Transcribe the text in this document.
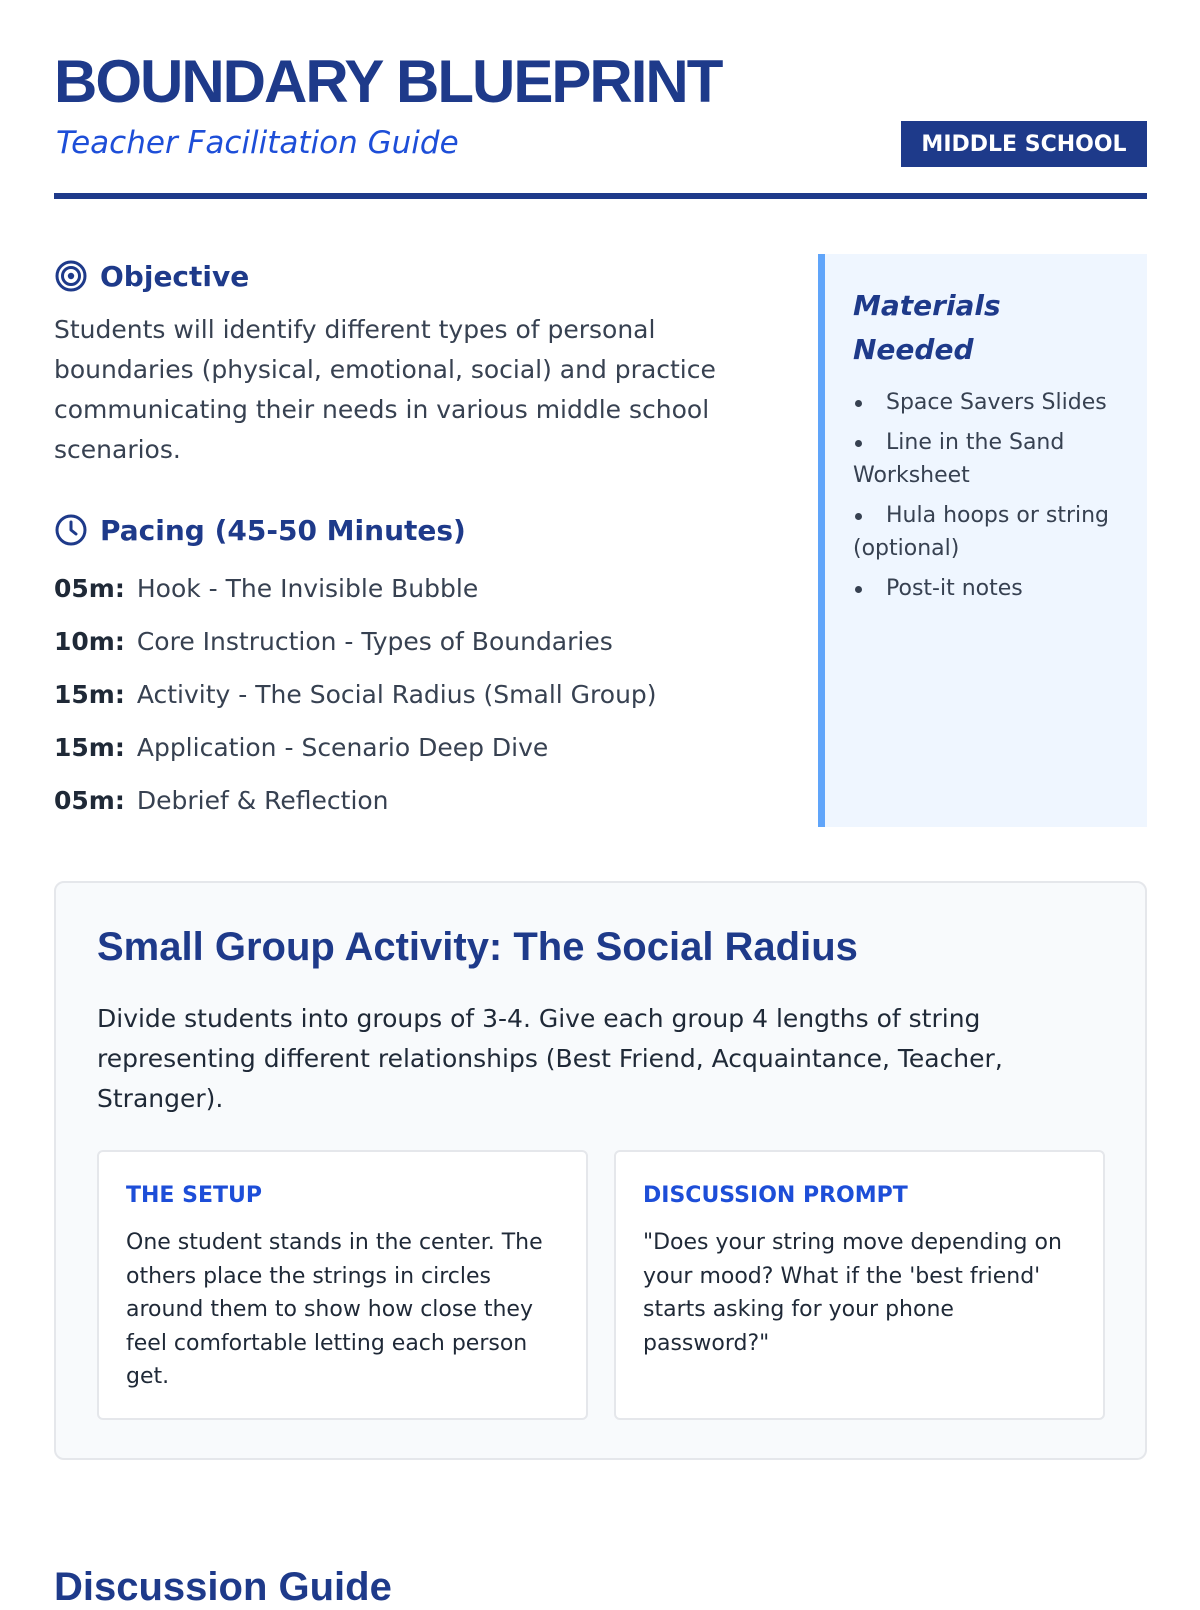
BOUNDARY BLUEPRINT
Teacher Facilitation Guide	MIDDLE SCHOOL
Objective

Students will identify different types of personal boundaries (physical, emotional, social) and practice communicating their needs in various middle school scenarios.

Pacing (45-50 Minutes)
05m: Hook - The Invisible Bubble
10m: Core Instruction - Types of Boundaries
15m: Activity - The Social Radius (Small Group)
15m: Application - Scenario Deep Dive
05m: Debrief & Reflection
Materials Needed
Space Savers Slides
Line in the Sand Worksheet
Hula hoops or string (optional)
Post-it notes
Small Group Activity: The Social Radius

Divide students into groups of 3-4. Give each group 4 lengths of string representing different relationships (Best Friend, Acquaintance, Teacher, Stranger).

THE SETUP

One student stands in the center. The others place the strings in circles around them to show how close they feel comfortable letting each person get.

DISCUSSION PROMPT

"Does your string move depending on your mood? What if the 'best friend' starts asking for your phone password?"

Discussion Guide
